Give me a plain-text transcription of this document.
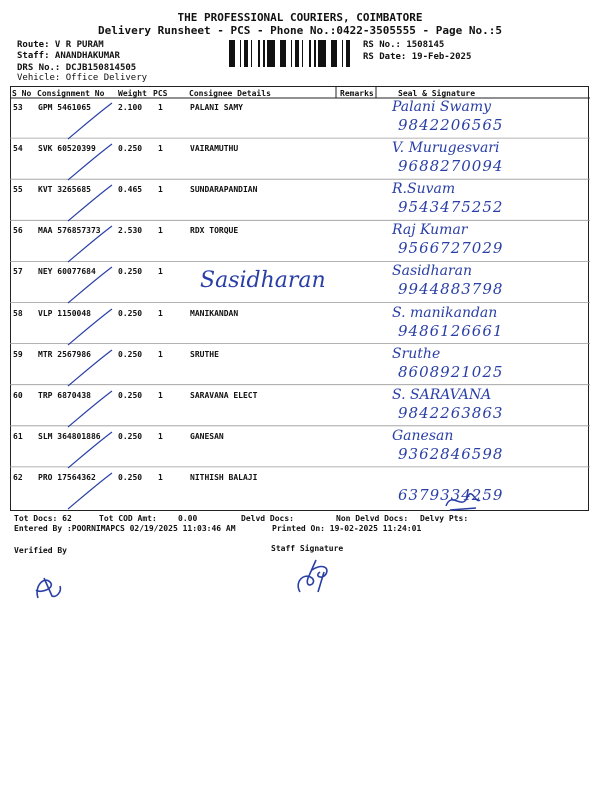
THE PROFESSIONAL COURIERS, COIMBATORE
Delivery Runsheet - PCS - Phone No.:0422-3505555 - Page No.:5
Route: V R PURAM
Staff: ANANDHAKUMAR
DRS No.: DCJB150814505
Vehicle: Office Delivery
RS No.: 1508145
RS Date: 19-Feb-2025
S No Consignment No Weight PCS	Consignee Details	Remarks	Seal & Signature
53 GPM 5461065	2.100 1	PALANI SAMY	Palani Swamy
9842206565
54 SVK 60520399	0.250 1	VAIRAMUTHU	V. Murugesvari
9688270094
55 KVT 3265685	0.465 1	SUNDARAPANDIAN	R.Suvam
9543475252
56 MAA 576857373 2.530 1	RDX TORQUE	Raj Kumar
9566727029
57 NEY 60077684	0.250 1	Sasidharan
9944883798
58 VLP 1150048	0.250 1	MANIKANDAN	S. manikandan
9486126661
59 MTR 2567986	0.250 1	SRUTHE	Sruthe
8608921025
60 TRP 6870438	0.250 1	SARAVANA ELECT	S. SARAVANA
9842263863
61 SLM 364801886 0.250 1	GANESAN	Ganesan
9362846598
62 PRO 17564362	0.250 1	NITHISH BALAJI
6379334259
Sasidharan
Tot Docs: 62	Tot COD Amt:	0.00	Delvd Docs:	Non Delvd Docs: Delvy Pts:
Entered By :POORNIMAPCS 02/19/2025 11:03:46 AM	Printed On: 19-02-2025 11:24:01
Verified By	Staff Signature
